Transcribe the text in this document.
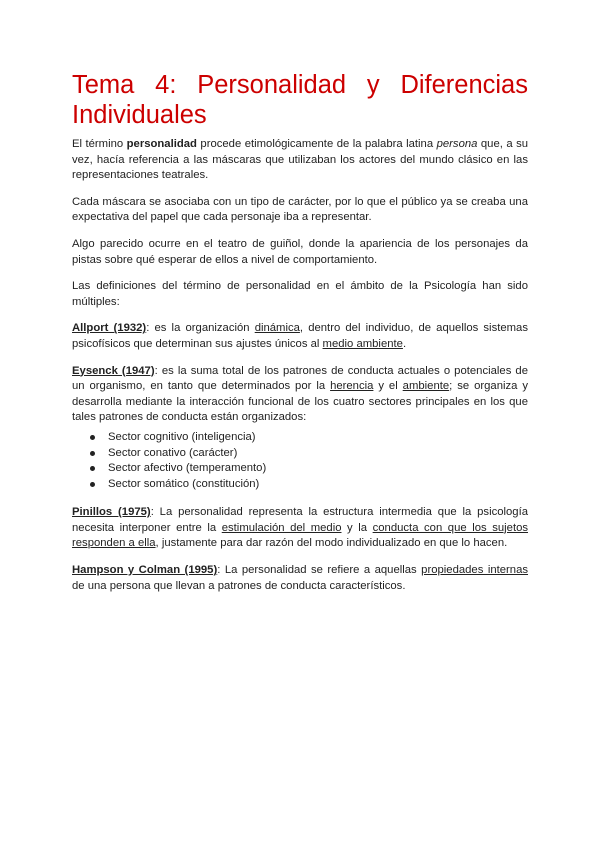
Tema 4: Personalidad y Diferencias Individuales

El término personalidad procede etimológicamente de la palabra latina persona que, a su vez, hacía referencia a las máscaras que utilizaban los actores del mundo clásico en las representaciones teatrales.

Cada máscara se asociaba con un tipo de carácter, por lo que el público ya se creaba una expectativa del papel que cada personaje iba a representar.

Algo parecido ocurre en el teatro de guiñol, donde la apariencia de los personajes da pistas sobre qué esperar de ellos a nivel de comportamiento.

Las definiciones del término de personalidad en el ámbito de la Psicología han sido múltiples:

Allport (1932): es la organización dinámica, dentro del individuo, de aquellos sistemas psicofísicos que determinan sus ajustes únicos al medio ambiente.

Eysenck (1947): es la suma total de los patrones de conducta actuales o potenciales de un organismo, en tanto que determinados por la herencia y el ambiente; se organiza y desarrolla mediante la interacción funcional de los cuatro sectores principales en los que tales patrones de conducta están organizados:

Sector cognitivo (inteligencia)
Sector conativo (carácter)
Sector afectivo (temperamento)
Sector somático (constitución)

Pinillos (1975): La personalidad representa la estructura intermedia que la psicología necesita interponer entre la estimulación del medio y la conducta con que los sujetos responden a ella, justamente para dar razón del modo individualizado en que lo hacen.

Hampson y Colman (1995): La personalidad se refiere a aquellas propiedades internas de una persona que llevan a patrones de conducta característicos.
